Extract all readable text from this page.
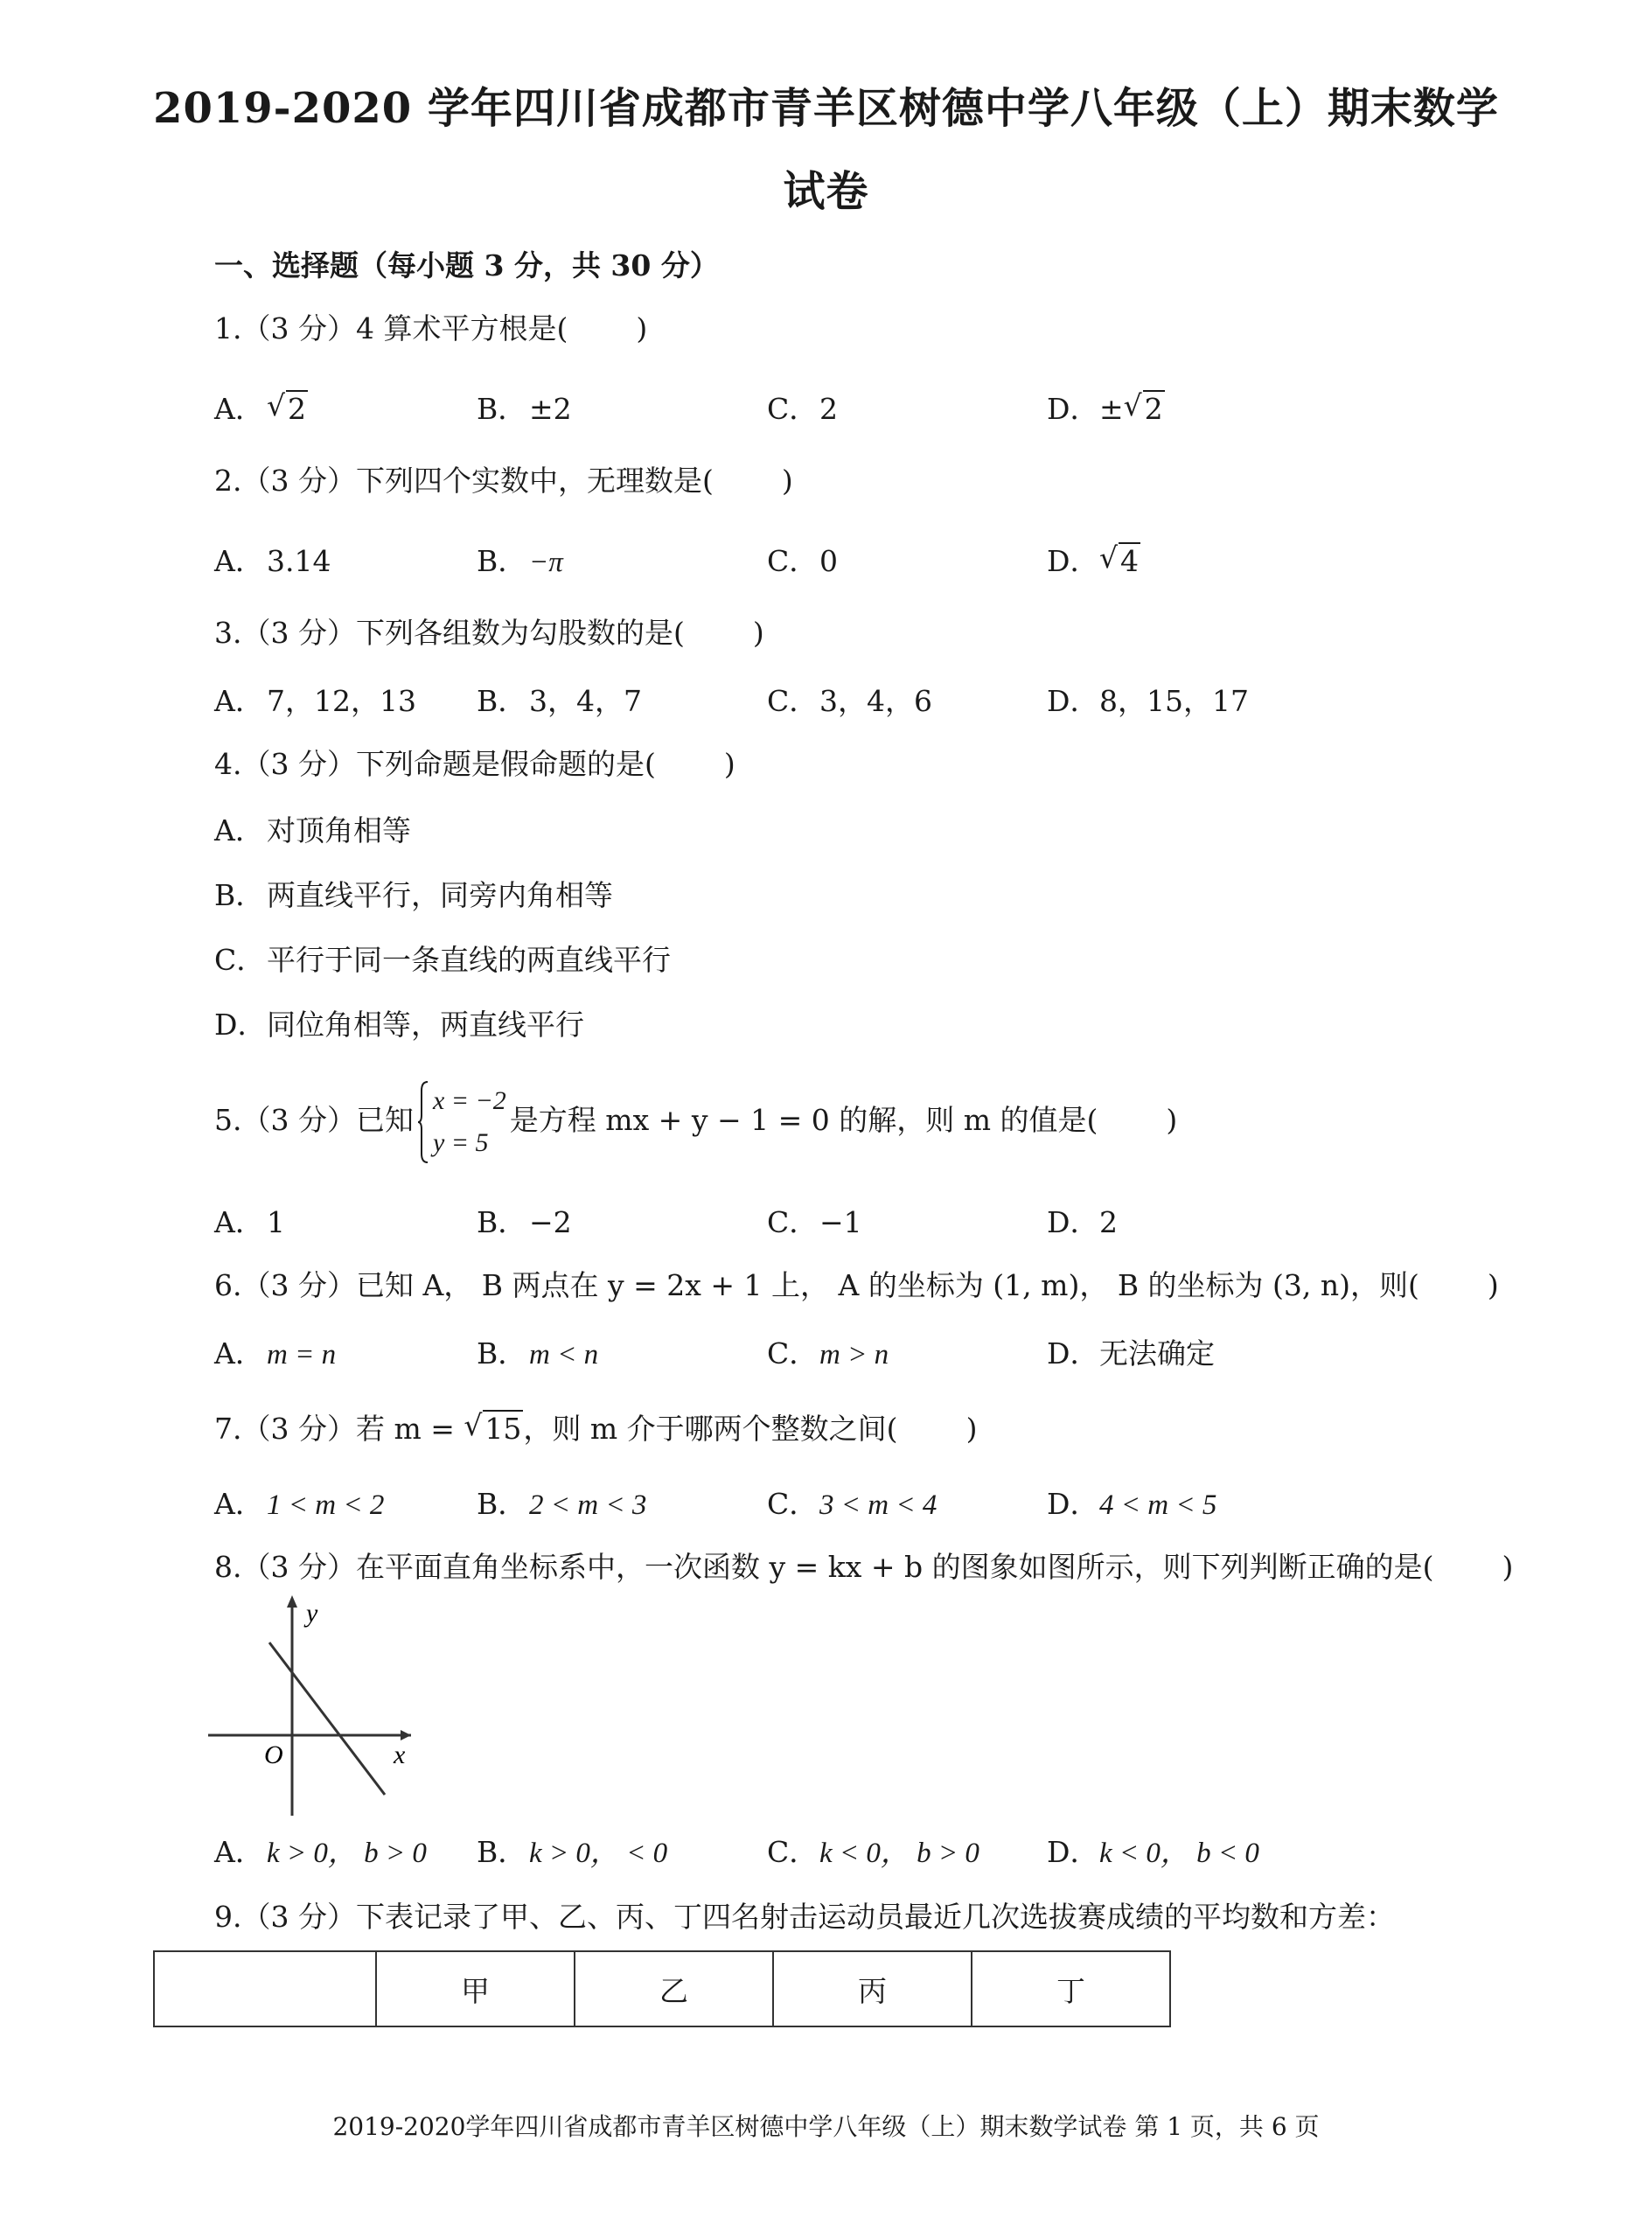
2019-2020 学年四川省成都市青羊区树德中学八年级（上）期末数学
试卷
一、选择题（每小题 3 分，共 30 分）
1.（3 分）4 算术平方根是( )
A． √ 2	B．±2	C．2	D．± √ 2
2.（3 分）下列四个实数中，无理数是( )
A．3.14	B．−π	C．0	D． √ 4
3.（3 分）下列各组数为勾股数的是( )
A．7，12，13 B．3，4，7	C．3，4，6	D．8，15，17
4.（3 分）下列命题是假命题的是( )
A．对顶角相等
B．两直线平行，同旁内角相等
C．平行于同一条直线的两直线平行
D．同位角相等，两直线平行
5.（3 分）已知
x = −2
y = 5
是方程 mx + y − 1 = 0 的解，则 m 的值是( )
A．1	B．−2	C．−1	D．2
6.（3 分）已知 A， B 两点在 y = 2x + 1 上， A 的坐标为 (1, m)， B 的坐标为 (3, n)，则( )
A．m = n	B．m < n	C．m > n	D．无法确定
7.（3 分）若 m = √ 15，则 m 介于哪两个整数之间( )
A．1 < m < 2	B．2 < m < 3	C．3 < m < 4	D．4 < m < 5
8.（3 分）在平面直角坐标系中，一次函数 y = kx + b 的图象如图所示，则下列判断正确的是( )
y
x
O
A．k > 0， b > 0 B．k > 0， < 0	C．k < 0， b > 0 D．k < 0， b < 0
9.（3 分）下表记录了甲、乙、丙、丁四名射击运动员最近几次选拔赛成绩的平均数和方差：
	甲	乙	丙	丁
2019-2020学年四川省成都市青羊区树德中学八年级（上）期末数学试卷 第 1 页，共 6 页
